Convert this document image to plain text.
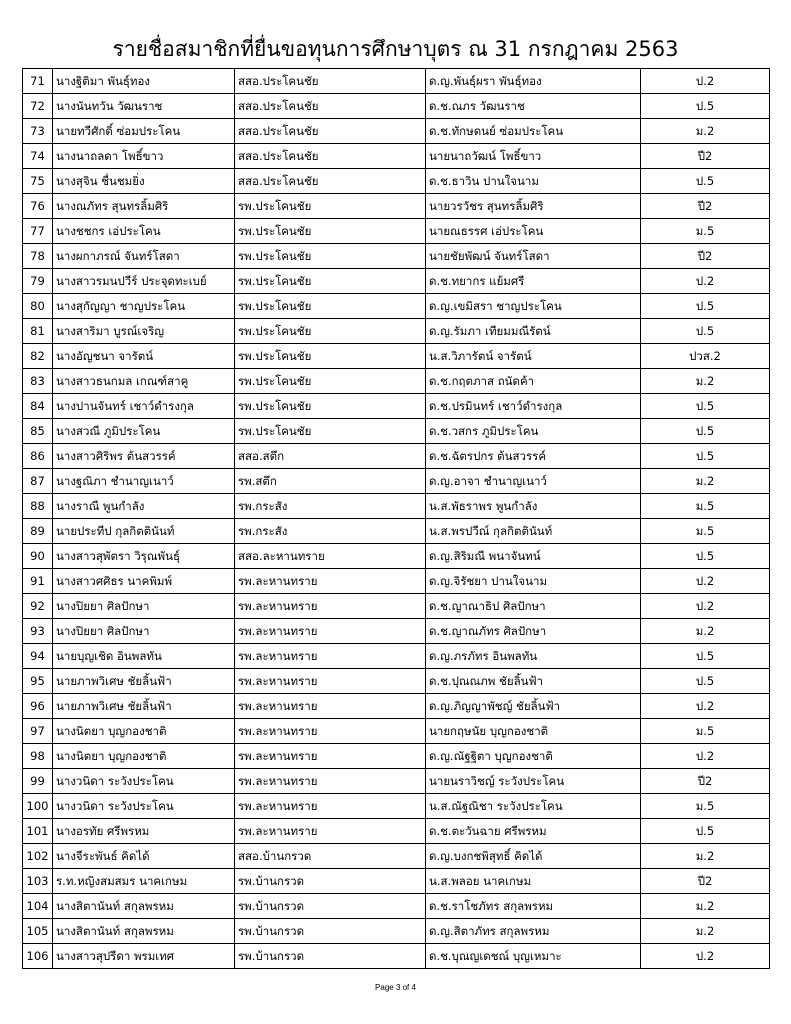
รายชื่อสมาชิกที่ยื่นขอทุนการศึกษาบุตร ณ 31 กรกฎาคม 2563
71	นางฐิติมา พันธุ์ทอง	สสอ.ประโคนชัย	ด.ญ.พันธุ์ผรา พันธุ์ทอง	ป.2
72	นางนันทวัน วัฒนราช	สสอ.ประโคนชัย	ด.ช.ณภร วัฒนราช	ป.5
73	นายทวีศักดิ์ ซ่อมประโคน	สสอ.ประโคนชัย	ด.ช.ทักษดนย์ ซ่อมประโคน	ม.2
74	นางนาถลดา โพธิ์ขาว	สสอ.ประโคนชัย	นายนาถวัฒน์ โพธิ์ขาว	ปี2
75	นางสุจิน ชื่นชมยิ่ง	สสอ.ประโคนชัย	ด.ช.ธาวิน ปานใจนาม	ป.5
76	นางณภัทร สุนทรลิ้มศิริ	รพ.ประโคนชัย	นายวรวัชร สุนทรลิ้มศิริ	ปี2
77	นางชชกร เอ่ประโคน	รพ.ประโคนชัย	นายณธรรศ เอ่ประโคน	ม.5
78	นางผกาภรณ์ จันทร์โสดา	รพ.ประโคนชัย	นายชัยพัฒน์ จันทร์โสดา	ปี2
79	นางสาวรมนปวีร์ ประจุดทะเบย์	รพ.ประโคนชัย	ด.ช.ทยากร แย้มศรี	ป.2
80	นางสุกัญญา ชาญประโคน	รพ.ประโคนชัย	ด.ญ.เขมิสรา ชาญประโคน	ป.5
81	นางสาริมา บูรณ์เจริญ	รพ.ประโคนชัย	ด.ญ.รัมภา เทียมมณีรัตน์	ป.5
82	นางอัญชนา จารัตน์	รพ.ประโคนชัย	น.ส.วิภารัตน์ จารัตน์	ปวส.2
83	นางสาวธนกมล เกณฑ์สาคู	รพ.ประโคนชัย	ด.ช.กฤตภาส ถนัดค้า	ม.2
84	นางปานจันทร์ เชาว์ดำรงกุล	รพ.ประโคนชัย	ด.ช.ปรมินทร์ เชาว์ดำรงกุล	ป.5
85	นางสวณี ภูมิประโคน	รพ.ประโคนชัย	ด.ช.วสกร ภูมิประโคน	ป.5
86	นางสาวศิริพร ต้นสวรรค์	สสอ.สตึก	ด.ช.ฉัตรปกร ต้นสวรรค์	ป.5
87	นางฐณิภา ชำนาญเนาว์	รพ.สตึก	ด.ญ.อาจา ชำนาญเนาว์	ม.2
88	นางราณี พูนกำลัง	รพ.กระสัง	น.ส.พัธราพร พูนกำลัง	ม.5
89	นายประทีป กุลกิตตินันท์	รพ.กระสัง	น.ส.พรปวีณ์ กุลกิตตินันท์	ม.5
90	นางสาวสุพัตรา วิรุณพันธุ์	สสอ.ละหานทราย	ด.ญ.สิริมณี พนาจันทน์	ป.5
91	นางสาวศศิธร นาคพิมพ์	รพ.ละหานทราย	ด.ญ.จิรัชยา ปานใจนาม	ป.2
92	นางปิยยา ศิลปักษา	รพ.ละหานทราย	ด.ช.ญาณาธิป ศิลปักษา	ป.2
93	นางปิยยา ศิลปักษา	รพ.ละหานทราย	ด.ช.ญาณภัทร ศิลปักษา	ม.2
94	นายบุญเชิด อินพลทัน	รพ.ละหานทราย	ด.ญ.ภรภัทร อินพลทัน	ป.5
95	นายภาพวิเศษ ชัยลิ้นฟ้า	รพ.ละหานทราย	ด.ช.ปุณณภพ ชัยลิ้นฟ้า	ป.5
96	นายภาพวิเศษ ชัยลิ้นฟ้า	รพ.ละหานทราย	ด.ญ.ภิญญาพัชญ์ ชัยลิ้นฟ้า	ป.2
97	นางนิตยา บุญกองชาติ	รพ.ละหานทราย	นายกฤษนัย บุญกองชาติ	ม.5
98	นางนิตยา บุญกองชาติ	รพ.ละหานทราย	ด.ญ.ณัฐฐิตา บุญกองชาติ	ป.2
99	นางวนิดา ระวังประโคน	รพ.ละหานทราย	นายนราวิชญ์ ระวังประโคน	ปี2
100	นางวนิดา ระวังประโคน	รพ.ละหานทราย	น.ส.ณัฐณิชา ระวังประโคน	ม.5
101	นางอรทัย ศรีพรหม	รพ.ละหานทราย	ด.ช.ตะวันฉาย ศรีพรหม	ป.5
102	นางจีระพันธ์ คิดได้	สสอ.บ้านกรวด	ด.ญ.บงกชพิสุทธิ์ คิดได้	ม.2
103	ร.ท.หญิงสมสมร นาคเกษม	รพ.บ้านกรวด	น.ส.พลอย นาคเกษม	ปี2
104	นางสิตานันท์ สกุลพรหม	รพ.บ้านกรวด	ด.ช.ราโชภัทร สกุลพรหม	ม.2
105	นางสิตานันท์ สกุลพรหม	รพ.บ้านกรวด	ด.ญ.สิตาภัทร สกุลพรหม	ม.2
106	นางสาวสุปรีดา พรมเทศ	รพ.บ้านกรวด	ด.ช.บุณญเดชณ์ บุญเหมาะ	ป.2
Page 3 of 4
